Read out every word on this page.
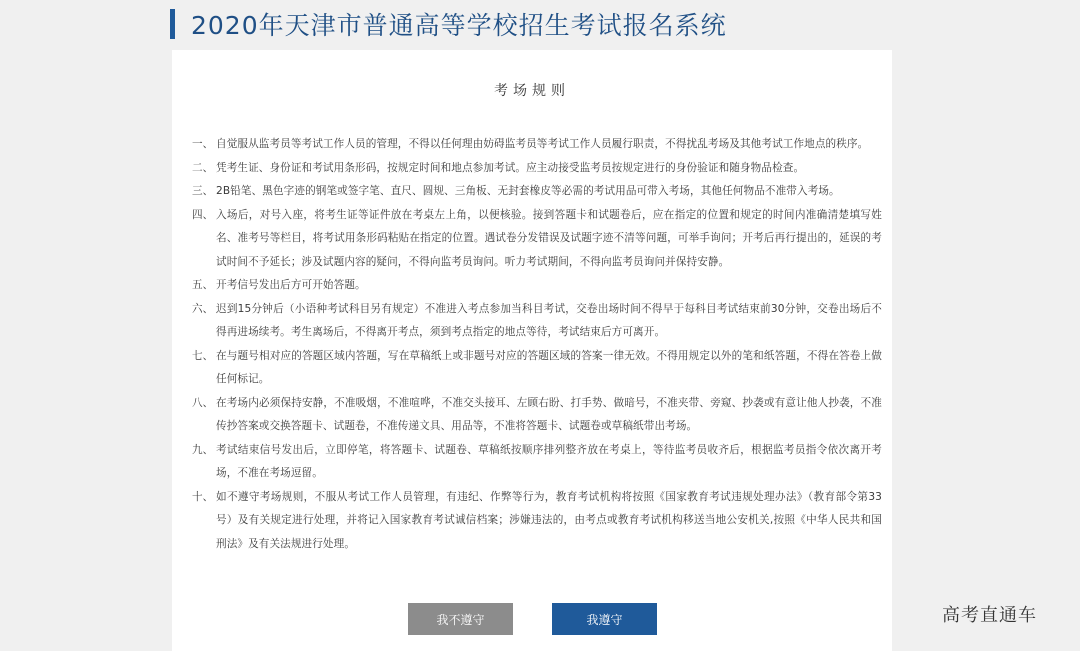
2020年天津市普通高等学校招生考试报名系统
考场规则
一、 自觉服从监考员等考试工作人员的管理，不得以任何理由妨碍监考员等考试工作人员履行职责，不得扰乱考场及其他考试工作地点的秩序。
二、 凭考生证、身份证和考试用条形码，按规定时间和地点参加考试。应主动接受监考员按规定进行的身份验证和随身物品检查。
三、 2B铅笔、黑色字迹的钢笔或签字笔、直尺、圆规、三角板、无封套橡皮等必需的考试用品可带入考场，其他任何物品不准带入考场。
四、 入场后，对号入座，将考生证等证件放在考桌左上角，以便核验。接到答题卡和试题卷后，应在指定的位置和规定的时间内准确清楚填写姓名、准考号等栏目，将考试用条形码粘贴在指定的位置。遇试卷分发错误及试题字迹不清等问题，可举手询问；开考后再行提出的，延误的考试时间不予延长；涉及试题内容的疑问，不得向监考员询问。听力考试期间，不得向监考员询问并保持安静。
五、 开考信号发出后方可开始答题。
六、 迟到15分钟后（小语种考试科目另有规定）不准进入考点参加当科目考试，交卷出场时间不得早于每科目考试结束前30分钟，交卷出场后不得再进场续考。考生离场后，不得离开考点，须到考点指定的地点等待，考试结束后方可离开。
七、 在与题号相对应的答题区域内答题，写在草稿纸上或非题号对应的答题区域的答案一律无效。不得用规定以外的笔和纸答题，不得在答卷上做任何标记。
八、 在考场内必须保持安静，不准吸烟，不准喧哗，不准交头接耳、左顾右盼、打手势、做暗号，不准夹带、旁窥、抄袭或有意让他人抄袭，不准传抄答案或交换答题卡、试题卷，不准传递文具、用品等，不准将答题卡、试题卷或草稿纸带出考场。
九、 考试结束信号发出后，立即停笔，将答题卡、试题卷、草稿纸按顺序排列整齐放在考桌上，等待监考员收齐后，根据监考员指令依次离开考场，不准在考场逗留。
十、 如不遵守考场规则，不服从考试工作人员管理，有违纪、作弊等行为，教育考试机构将按照《国家教育考试违规处理办法》（教育部令第33号）及有关规定进行处理，并将记入国家教育考试诚信档案；涉嫌违法的，由考点或教育考试机构移送当地公安机关,按照《中华人民共和国刑法》及有关法规进行处理。
我不遵守	我遵守	高考直通车
